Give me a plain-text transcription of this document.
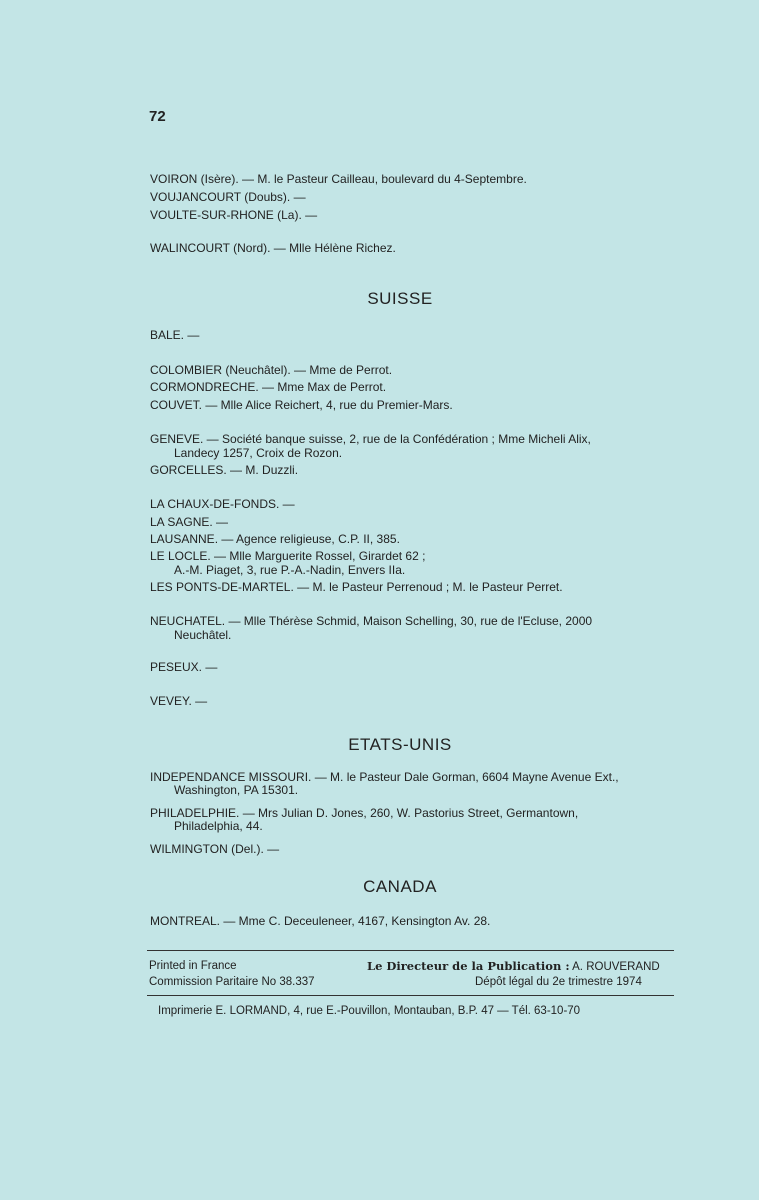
72
VOIRON (Isère). — M. le Pasteur Cailleau, boulevard du 4-Septembre.
VOUJANCOURT (Doubs). —
VOULTE-SUR-RHONE (La). —
WALINCOURT (Nord). — Mlle Hélène Richez.
SUISSE
BALE. —
COLOMBIER (Neuchâtel). — Mme de Perrot.
CORMONDRECHE. — Mme Max de Perrot.
COUVET. — Mlle Alice Reichert, 4, rue du Premier-Mars.
GENEVE. — Société banque suisse, 2, rue de la Confédération ; Mme Micheli Alix,
Landecy 1257, Croix de Rozon.
GORCELLES. — M. Duzzli.
LA CHAUX-DE-FONDS. —
LA SAGNE. —
LAUSANNE. — Agence religieuse, C.P. II, 385.
LE LOCLE. — Mlle Marguerite Rossel, Girardet 62 ;
A.-M. Piaget, 3, rue P.-A.-Nadin, Envers IIa.
LES PONTS-DE-MARTEL. — M. le Pasteur Perrenoud ; M. le Pasteur Perret.
NEUCHATEL. — Mlle Thérèse Schmid, Maison Schelling, 30, rue de l'Ecluse, 2000
Neuchâtel.
PESEUX. —
VEVEY. —
ETATS-UNIS
INDEPENDANCE MISSOURI. — M. le Pasteur Dale Gorman, 6604 Mayne Avenue Ext.,
Washington, PA 15301.
PHILADELPHIE. — Mrs Julian D. Jones, 260, W. Pastorius Street, Germantown,
Philadelphia, 44.
WILMINGTON (Del.). —
CANADA
MONTREAL. — Mme C. Deceuleneer, 4167, Kensington Av. 28.
Printed in France	Le Directeur de la Publication : A. ROUVERAND
Commission Paritaire No 38.337	Dépôt légal du 2e trimestre 1974
Imprimerie E. LORMAND, 4, rue E.-Pouvillon, Montauban, B.P. 47 — Tél. 63-10-70
